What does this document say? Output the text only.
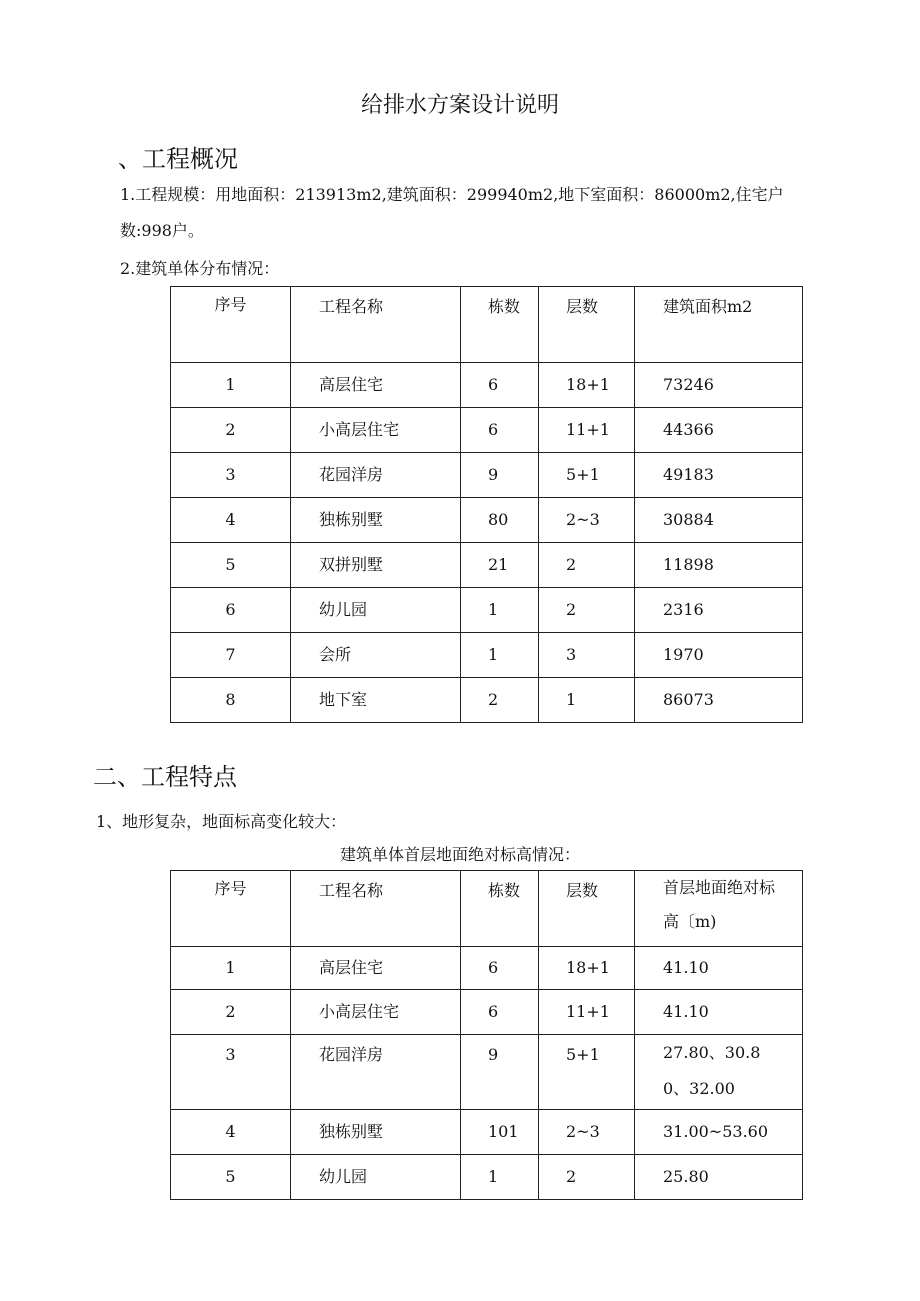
给排水方案设计说明
、工程概况
1.工程规模：用地面积：213913m2,建筑面积：299940m2,地下室面积：86000m2,住宅户
数:998户。
2.建筑单体分布情况：
序号	工程名称	栋数	层数	建筑面积m2
1	高层住宅	6	18+1	73246
2	小高层住宅	6	11+1	44366
3	花园洋房	9	5+1	49183
4	独栋别墅	80	2~3	30884
5	双拼别墅	21	2	11898
6	幼儿园	1	2	2316
7	会所	1	3	1970
8	地下室	2	1	86073
二、工程特点
1、地形复杂，地面标高变化较大：
建筑单体首层地面绝对标高情况：
序号	工程名称	栋数	层数	首层地面绝对标高〔m)
1	高层住宅	6	18+1	41.10
2	小高层住宅	6	11+1	41.10
3	花园洋房	9	5+1	27.80、30.80、32.00
4	独栋别墅	101	2~3	31.00~53.60
5	幼儿园	1	2	25.80
